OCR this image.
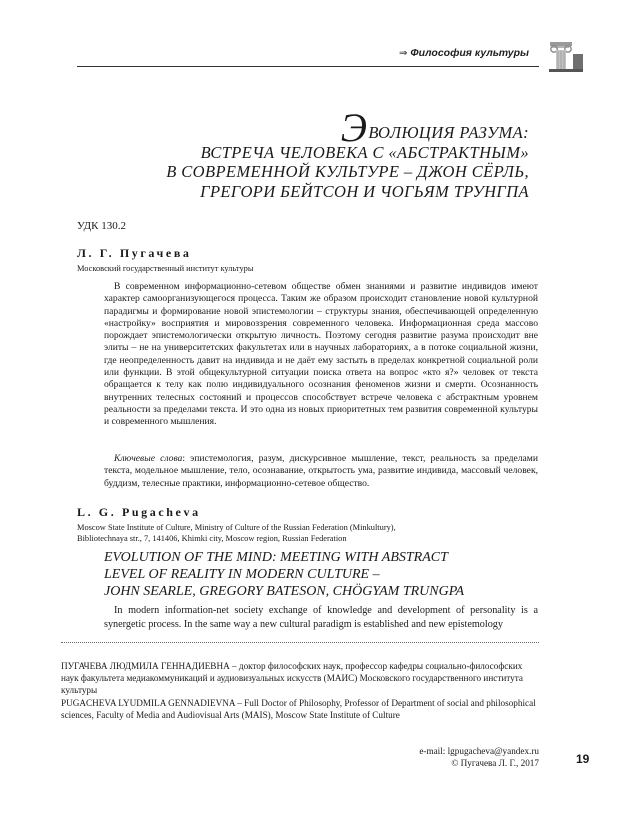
⇒ Философия культуры
ЭВОЛЮЦИЯ РАЗУМА:
ВСТРЕЧА ЧЕЛОВЕКА С «АБСТРАКТНЫМ»
В СОВРЕМЕННОЙ КУЛЬТУРЕ – ДЖОН СЁРЛЬ,
ГРЕГОРИ БЕЙТСОН И ЧОГЬЯМ ТРУНГПА
УДК 130.2
Л. Г. Пугачева
Московский государственный институт культуры

В современном информационно-сетевом обществе обмен знаниями и развитие индивидов имеют характер самоорганизующегося процесса. Таким же образом происходит становление новой культурной парадигмы и формирование новой эпистемологии – структуры знания, обеспечивающей определенную «настройку» восприятия и мировоззрения современного человека. Информационная среда массово порождает эпистемологически открытую личность. Поэтому сегодня развитие разума происходит вне элиты – не на университетских факультетах или в научных лабораториях, а в потоке социальной жизни, где неопределенность давит на индивида и не даёт ему застыть в пределах конкретной социальной роли или функции. В этой общекультурной ситуации поиска ответа на вопрос «кто я?» человек от текста обращается к телу как полю индивидуального осознания феноменов жизни и смерти. Осознанность внутренних телесных состояний и процессов способствует встрече человека с абстрактным уровнем реальности за пределами текста. И это одна из новых приоритетных тем развития современной культуры и современного мышления.

Ключевые слова: эпистемология, разум, дискурсивное мышление, текст, реальность за пределами текста, модельное мышление, тело, осознавание, открытость ума, развитие индивида, массовый человек, буддизм, телесные практики, информационно-сетевое общество.

L. G. Pugacheva
Moscow State Institute of Culture, Ministry of Culture of the Russian Federation (Minkultury),
Bibliotechnaya str., 7, 141406, Khimki city, Moscow region, Russian Federation
EVOLUTION OF THE MIND: MEETING WITH ABSTRACT
LEVEL OF REALITY IN MODERN CULTURE –
JOHN SEARLE, GREGORY BATESON, CHÖGYAM TRUNGPA

In modern information-net society exchange of knowledge and development of personality is a synergetic process. In the same way a new cultural paradigm is established and new epistemology

ПУГАЧЕВА ЛЮДМИЛА ГЕННАДИЕВНА – доктор философских наук, профессор кафедры социально-философских наук факультета медиакоммуникаций и аудиовизуальных искусств (МАИС) Московского государственного института культуры
PUGACHEVA LYUDMILA GENNADIEVNA – Full Doctor of Philosophy, Professor of Department of social and philosophical sciences, Faculty of Media and Audiovisual Arts (MAIS), Moscow State Institute of Culture
e-mail: lgpugacheva@yandex.ru
© Пугачева Л. Г., 2017	19
